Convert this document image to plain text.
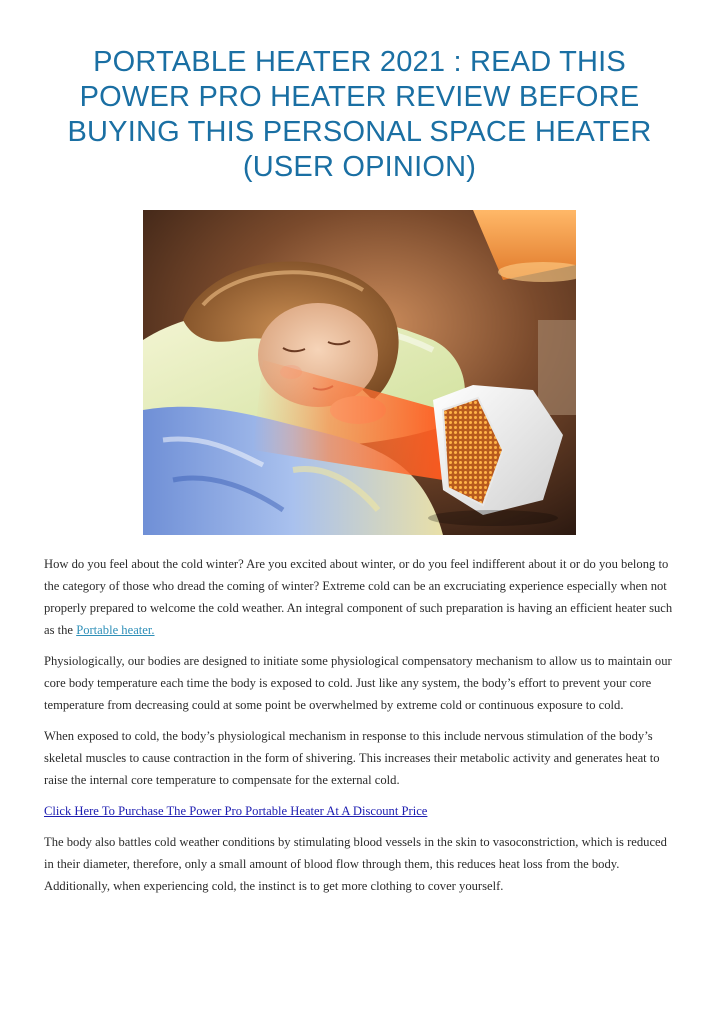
PORTABLE HEATER 2021 : READ THIS POWER PRO HEATER REVIEW BEFORE BUYING THIS PERSONAL SPACE HEATER (USER OPINION)

How do you feel about the cold winter? Are you excited about winter, or do you feel indifferent about it or do you belong to the category of those who dread the coming of winter? Extreme cold can be an excruciating experience especially when not properly prepared to welcome the cold weather. An integral component of such preparation is having an efficient heater such as the Portable heater.

Physiologically, our bodies are designed to initiate some physiological compensatory mechanism to allow us to maintain our core body temperature each time the body is exposed to cold. Just like any system, the body’s effort to prevent your core temperature from decreasing could at some point be overwhelmed by extreme cold or continuous exposure to cold.

When exposed to cold, the body’s physiological mechanism in response to this include nervous stimulation of the body’s skeletal muscles to cause contraction in the form of shivering. This increases their metabolic activity and generates heat to raise the internal core temperature to compensate for the external cold.

Click Here To Purchase The Power Pro Portable Heater At A Discount Price

The body also battles cold weather conditions by stimulating blood vessels in the skin to vasoconstriction, which is reduced in their diameter, therefore, only a small amount of blood flow through them, this reduces heat loss from the body. Additionally, when experiencing cold, the instinct is to get more clothing to cover yourself.
